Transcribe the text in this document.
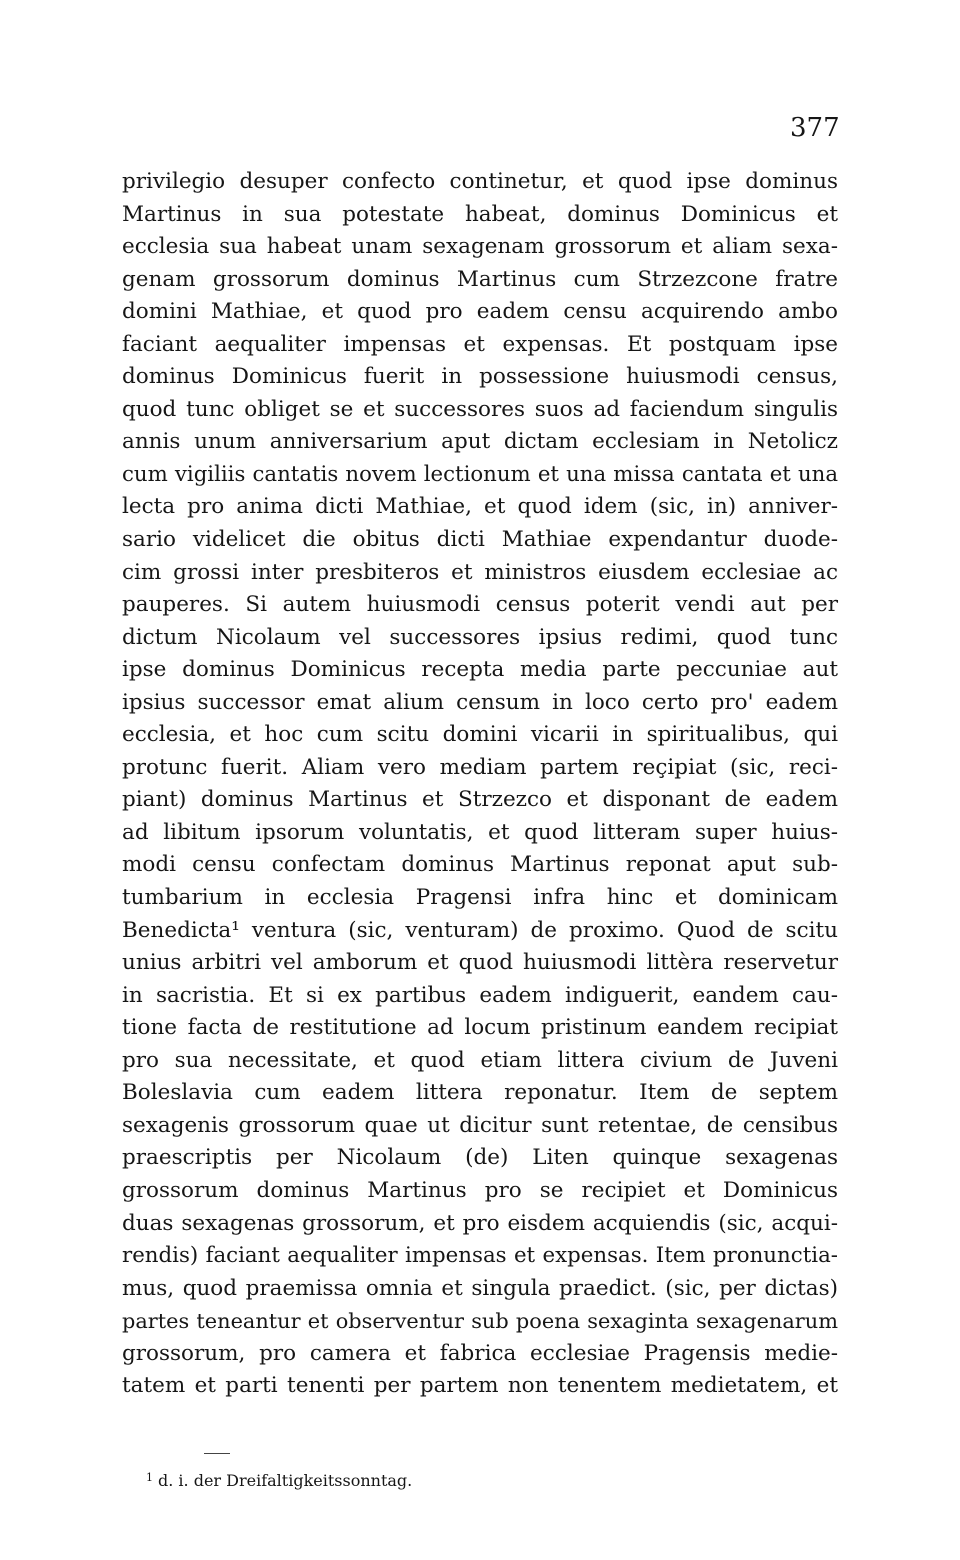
377
privilegio desuper confecto continetur, et quod ipse dominus
Martinus in sua potestate habeat, dominus Dominicus et
ecclesia sua habeat unam sexagenam grossorum et aliam sexa-
genam grossorum dominus Martinus cum Strzezcone fratre
domini Mathiae, et quod pro eadem censu acquirendo ambo
faciant aequaliter impensas et expensas. Et postquam ipse
dominus Dominicus fuerit in possessione huiusmodi census,
quod tunc obliget se et successores suos ad faciendum singulis
annis unum anniversarium aput dictam ecclesiam in Netolicz
cum vigiliis cantatis novem lectionum et una missa cantata et una
lecta pro anima dicti Mathiae, et quod idem (sic, in) anniver-
sario videlicet die obitus dicti Mathiae expendantur duode-
cim grossi inter presbiteros et ministros eiusdem ecclesiae ac
pauperes. Si autem huiusmodi census poterit vendi aut per
dictum Nicolaum vel successores ipsius redimi, quod tunc
ipse dominus Dominicus recepta media parte peccuniae aut
ipsius successor emat alium censum in loco certo pro' eadem
ecclesia, et hoc cum scitu domini vicarii in spiritualibus, qui
protunc fuerit. Aliam vero mediam partem reçipiat (sic, reci-
piant) dominus Martinus et Strzezco et disponant de eadem
ad libitum ipsorum voluntatis, et quod litteram super huius-
modi censu confectam dominus Martinus reponat aput sub-
tumbarium in ecclesia Pragensi infra hinc et dominicam
Benedicta¹ ventura (sic, venturam) de proximo. Quod de scitu
unius arbitri vel amborum et quod huiusmodi littèra reservetur
in sacristia. Et si ex partibus eadem indiguerit, eandem cau-
tione facta de restitutione ad locum pristinum eandem recipiat
pro sua necessitate, et quod etiam littera civium de Juveni
Boleslavia cum eadem littera reponatur. Item de septem
sexagenis grossorum quae ut dicitur sunt retentae, de censibus
praescriptis per Nicolaum (de) Liten quinque sexagenas
grossorum dominus Martinus pro se recipiet et Dominicus
duas sexagenas grossorum, et pro eisdem acquiendis (sic, acqui-
rendis) faciant aequaliter impensas et expensas. Item pronunctia-
mus, quod praemissa omnia et singula praedict. (sic, per dictas)
partes teneantur et observentur sub poena sexaginta sexagenarum
grossorum, pro camera et fabrica ecclesiae Pragensis medie-
tatem et parti tenenti per partem non tenentem medietatem, et
$^1$ d. i. der Dreifaltigkeitssonntag.
